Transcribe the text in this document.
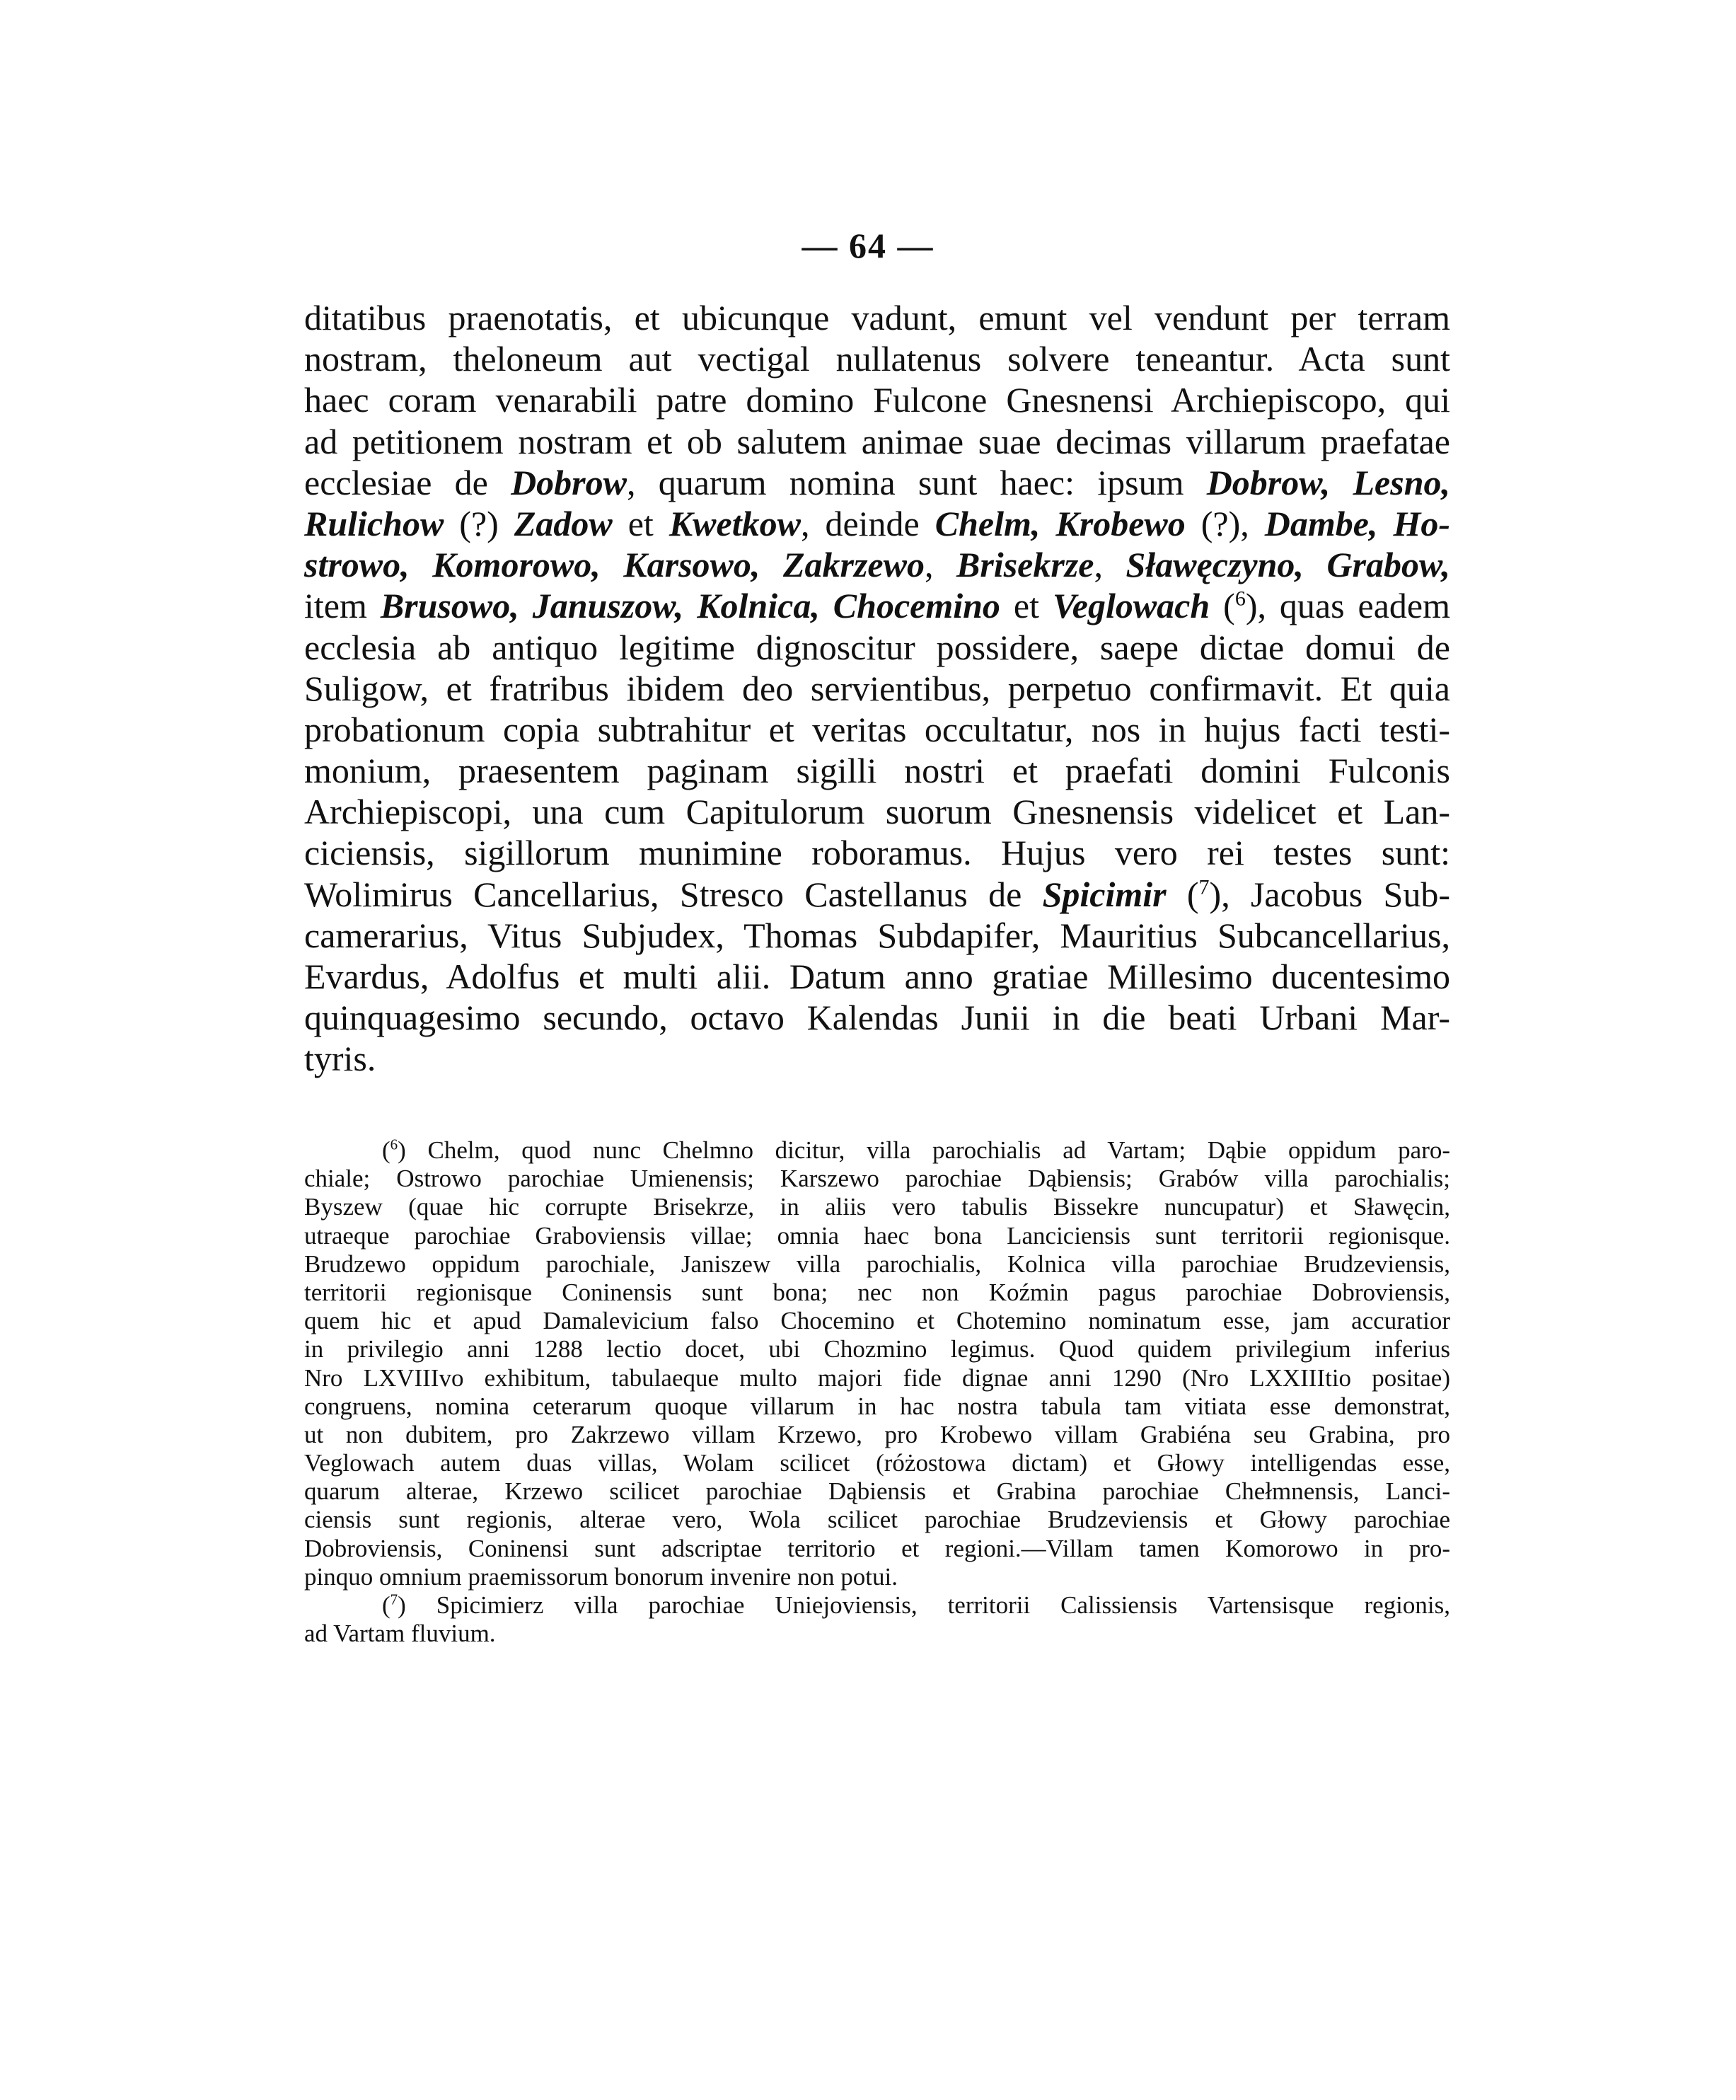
— 64 —
ditatibus praenotatis, et ubicunque vadunt, emunt vel vendunt per terram
nostram, theloneum aut vectigal nullatenus solvere teneantur. Acta sunt
haec coram venarabili patre domino Fulcone Gnesnensi Archiepiscopo, qui
ad petitionem nostram et ob salutem animae suae decimas villarum praefatae
ecclesiae de Dobrow, quarum nomina sunt haec: ipsum Dobrow, Lesno,
Rulichow (?) Zadow et Kwetkow, deinde Chelm, Krobewo (?), Dambe, Ho-
strowo, Komorowo, Karsowo, Zakrzewo, Brisekrze, Sławęczyno, Grabow,
item Brusowo, Januszow, Kolnica, Chocemino et Veglowach ($^6$), quas eadem
ecclesia ab antiquo legitime dignoscitur possidere, saepe dictae domui de
Suligow, et fratribus ibidem deo servientibus, perpetuo confirmavit. Et quia
probationum copia subtrahitur et veritas occultatur, nos in hujus facti testi-
monium, praesentem paginam sigilli nostri et praefati domini Fulconis
Archiepiscopi, una cum Capitulorum suorum Gnesnensis videlicet et Lan-
ciciensis, sigillorum munimine roboramus. Hujus vero rei testes sunt:
Wolimirus Cancellarius, Stresco Castellanus de Spicimir ($^7$), Jacobus Sub-
camerarius, Vitus Subjudex, Thomas Subdapifer, Mauritius Subcancellarius,
Evardus, Adolfus et multi alii. Datum anno gratiae Millesimo ducentesimo
quinquagesimo secundo, octavo Kalendas Junii in die beati Urbani Mar-
tyris.
($^6$) Chelm, quod nunc Chelmno dicitur, villa parochialis ad Vartam; Dąbie oppidum paro-
chiale; Ostrowo parochiae Umienensis; Karszewo parochiae Dąbiensis; Grabów villa parochialis;
Byszew (quae hic corrupte Brisekrze, in aliis vero tabulis Bissekre nuncupatur) et Sławęcin,
utraeque parochiae Graboviensis villae; omnia haec bona Lanciciensis sunt territorii regionisque.
Brudzewo oppidum parochiale, Janiszew villa parochialis, Kolnica villa parochiae Brudzeviensis,
territorii regionisque Coninensis sunt bona; nec non Koźmin pagus parochiae Dobroviensis,
quem hic et apud Damalevicium falso Chocemino et Chotemino nominatum esse, jam accuratior
in privilegio anni 1288 lectio docet, ubi Chozmino legimus. Quod quidem privilegium inferius
Nro LXVIIIvo exhibitum, tabulaeque multo majori fide dignae anni 1290 (Nro LXXIIItio positae)
congruens, nomina ceterarum quoque villarum in hac nostra tabula tam vitiata esse demonstrat,
ut non dubitem, pro Zakrzewo villam Krzewo, pro Krobewo villam Grabiéna seu Grabina, pro
Veglowach autem duas villas, Wolam scilicet (różostowa dictam) et Głowy intelligendas esse,
quarum alterae, Krzewo scilicet parochiae Dąbiensis et Grabina parochiae Chełmnensis, Lanci-
ciensis sunt regionis, alterae vero, Wola scilicet parochiae Brudzeviensis et Głowy parochiae
Dobroviensis, Coninensi sunt adscriptae territorio et regioni.—Villam tamen Komorowo in pro-
pinquo omnium praemissorum bonorum invenire non potui.
($^7$) Spicimierz villa parochiae Uniejoviensis, territorii Calissiensis Vartensisque regionis,
ad Vartam fluvium.
